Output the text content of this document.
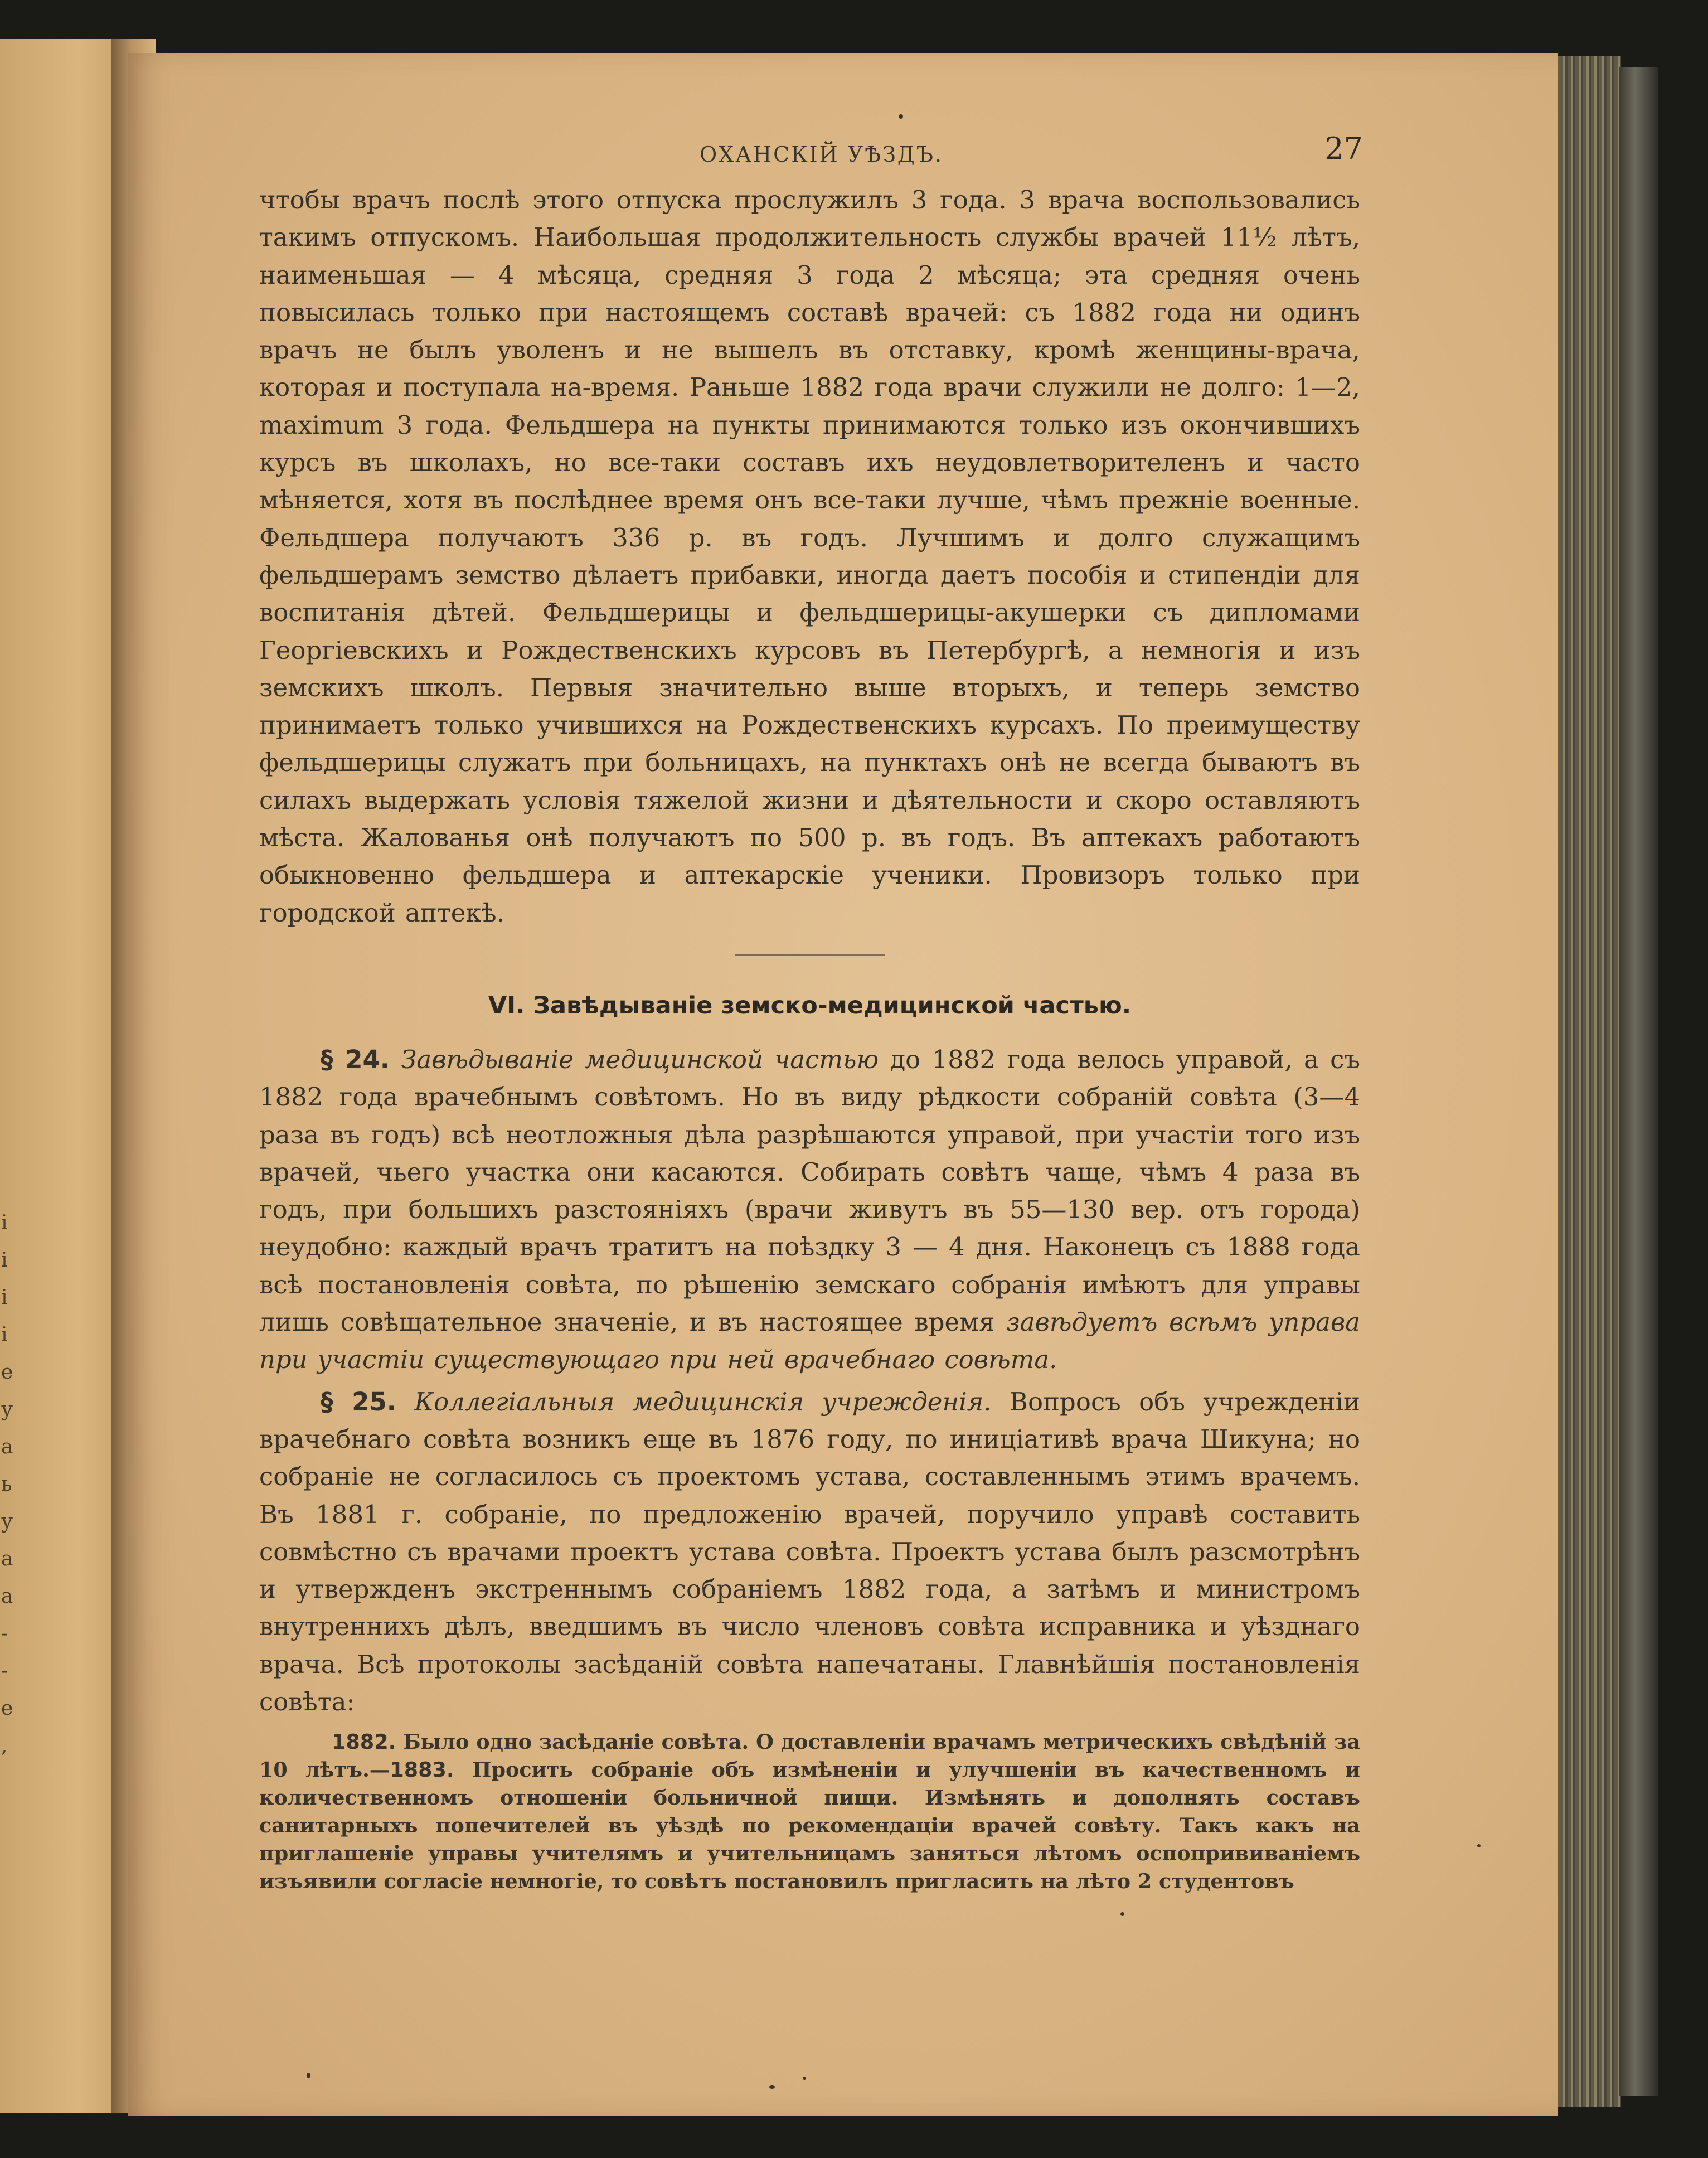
і
і
і
і
е
у
а
ь
у
а
а
-
-
е
,
ОХАНСКІЙ УѢЗДЪ.	27

чтобы врачъ послѣ этого отпуска прослужилъ 3 года. 3 врача воспользовались такимъ отпускомъ. Наибольшая продолжительность службы врачей 11½ лѣтъ, наименьшая — 4 мѣсяца, средняя 3 года 2 мѣсяца; эта средняя очень повысилась только при настоящемъ составѣ врачей: съ 1882 года ни одинъ врачъ не былъ уволенъ и не вышелъ въ отставку, кромѣ женщины-врача, которая и поступала на-время. Раньше 1882 года врачи служили не долго: 1—2, maximum 3 года. Фельдшера на пункты принимаются только изъ окончившихъ курсъ въ школахъ, но все-таки составъ ихъ неудовлетворителенъ и часто мѣняется, хотя въ послѣднее время онъ все-таки лучше, чѣмъ прежніе военные. Фельдшера получаютъ 336 р. въ годъ. Лучшимъ и долго служащимъ фельдшерамъ земство дѣлаетъ прибавки, иногда даетъ пособія и стипендіи для воспитанія дѣтей. Фельдшерицы и фельдшерицы-акушерки съ дипломами Георгіевскихъ и Рождественскихъ курсовъ въ Петербургѣ, а немногія и изъ земскихъ школъ. Первыя значительно выше вторыхъ, и теперь земство принимаетъ только учившихся на Рождественскихъ курсахъ. По преимуществу фельдшерицы служатъ при больницахъ, на пунктахъ онѣ не всегда бываютъ въ силахъ выдержать условія тяжелой жизни и дѣятельности и скоро оставляютъ мѣста. Жалованья онѣ получаютъ по 500 р. въ годъ. Въ аптекахъ работаютъ обыкновенно фельдшера и аптекарскіе ученики. Провизоръ только при городской аптекѣ.

VI. Завѣдываніе земско-медицинской частью.

§ 24. Завѣдываніе медицинской частью до 1882 года велось управой, а съ 1882 года врачебнымъ совѣтомъ. Но въ виду рѣдкости собраній совѣта (3—4 раза въ годъ) всѣ неотложныя дѣла разрѣшаются управой, при участіи того изъ врачей, чьего участка они касаются. Собирать совѣтъ чаще, чѣмъ 4 раза въ годъ, при большихъ разстояніяхъ (врачи живутъ въ 55—130 вер. отъ города) неудобно: каждый врачъ тратитъ на поѣздку 3 — 4 дня. Наконецъ съ 1888 года всѣ постановленія совѣта, по рѣшенію земскаго собранія имѣютъ для управы лишь совѣщательное значеніе, и въ настоящее время завѣдуетъ всѣмъ управа при участіи существующаго при ней врачебнаго совѣта.

§ 25. Коллегіальныя медицинскія учрежденія. Вопросъ объ учрежденіи врачебнаго совѣта возникъ еще въ 1876 году, по иниціативѣ врача Шикуна; но собраніе не согласилось съ проектомъ устава, составленнымъ этимъ врачемъ. Въ 1881 г. собраніе, по предложенію врачей, поручило управѣ составить совмѣстно съ врачами проектъ устава совѣта. Проектъ устава былъ разсмотрѣнъ и утвержденъ экстреннымъ собраніемъ 1882 года, а затѣмъ и министромъ внутреннихъ дѣлъ, введшимъ въ число членовъ совѣта исправника и уѣзднаго врача. Всѣ протоколы засѣданій совѣта напечатаны. Главнѣйшія постановленія совѣта:

1882. Было одно засѣданіе совѣта. О доставленіи врачамъ метрическихъ свѣдѣній за 10 лѣтъ.—1883. Просить собраніе объ измѣненіи и улучшеніи въ качественномъ и количественномъ отношеніи больничной пищи. Измѣнять и дополнять составъ санитарныхъ попечителей въ уѣздѣ по рекомендаціи врачей совѣту. Такъ какъ на приглашеніе управы учителямъ и учительницамъ заняться лѣтомъ оспопрививаніемъ изъявили согласіе немногіе, то совѣтъ постановилъ пригласить на лѣто 2 студентовъ
